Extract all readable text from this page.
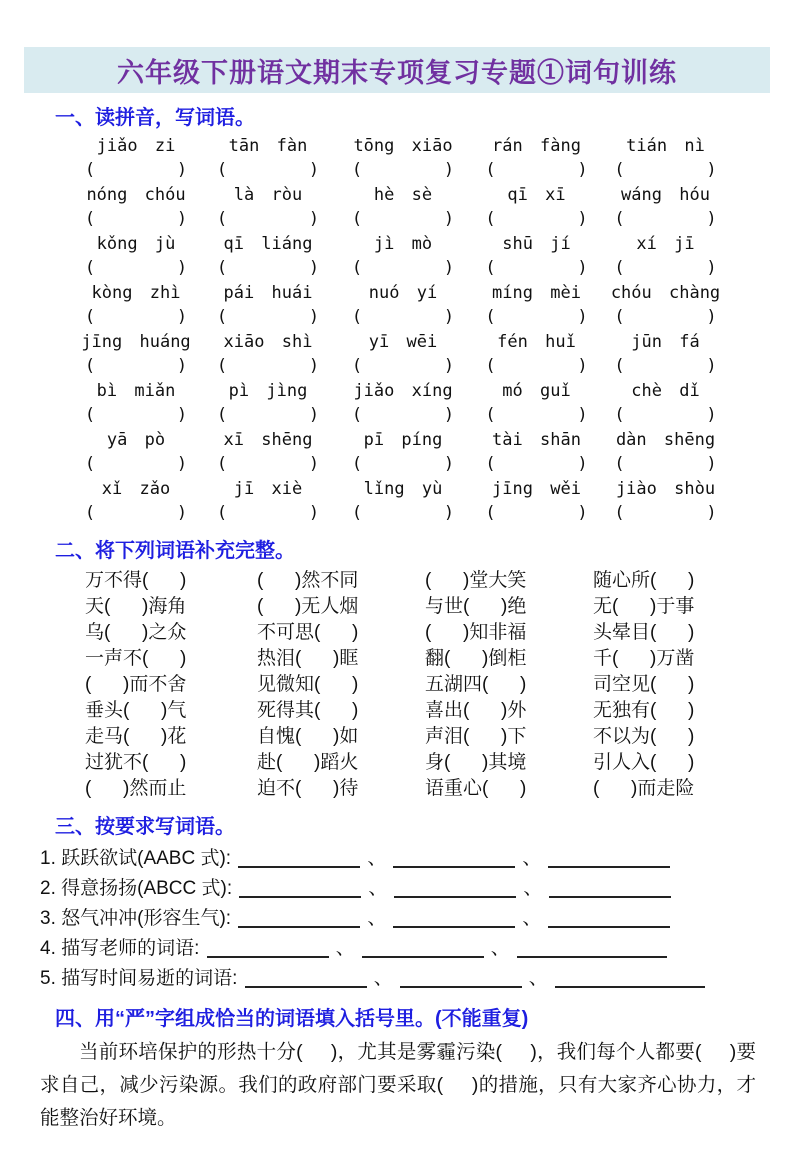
六年级下册语文期末专项复习专题①词句训练
一、读拼音，写词语。
jiǎo zi	tān fàn	tōng xiāo	rán fàng	tián nì
(        )	(        )	(        )	(        )	(        )
nóng chóu	là ròu	hè sè	qī xī	wáng hóu
(        )	(        )	(        )	(        )	(        )
kǒng jù	qī liáng	jì mò	shū jí	xí jī
(        )	(        )	(        )	(        )	(        )
kòng zhì	pái huái	nuó yí	míng mèi	chóu chàng
(        )	(        )	(        )	(        )	(        )
jīng huáng	xiāo shì	yī wēi	fén huǐ	jūn fá
(        )	(        )	(        )	(        )	(        )
bì miǎn	pì jìng	jiǎo xíng	mó guǐ	chè dǐ
(        )	(        )	(        )	(        )	(        )
yā pò	xī shēng	pī píng	tài shān	dàn shēng
(        )	(        )	(        )	(        )	(        )
xǐ zǎo	jī xiè	lǐng yù	jīng wěi	jiào shòu
(        )	(        )	(        )	(        )	(        )
二、将下列词语补充完整。
万不得(      )	(      )然不同	(      )堂大笑	随心所(      )
天(      )海角	(      )无人烟	与世(      )绝	无(      )于事
乌(      )之众	不可思(      )	(      )知非福	头晕目(      )
一声不(      )	热泪(      )眶	翻(      )倒柜	千(      )万凿
(      )而不舍	见微知(      )	五湖四(      )	司空见(      )
垂头(      )气	死得其(      )	喜出(      )外	无独有(      )
走马(      )花	自愧(      )如	声泪(      )下	不以为(      )
过犹不(      )	赴(      )蹈火	身(      )其境	引人入(      )
(      )然而止	迫不(      )待	语重心(      )	(      )而走险
三、按要求写词语。
1. 跃跃欲试(AABC 式):	、	、
2. 得意扬扬(ABCC 式):	、	、
3. 怒气冲冲(形容生气):	、	、
4. 描写老师的词语:	、	、
5. 描写时间易逝的词语:	、	、
四、用“严”字组成恰当的词语填入括号里。(不能重复)

当前环培保护的形热十分(     )，尤其是雾霾污染(     )，我们每个人都要(     )要求自己，减少污染源。我们的政府部门要采取(     )的措施，只有大家齐心协力，才能整治好环境。
